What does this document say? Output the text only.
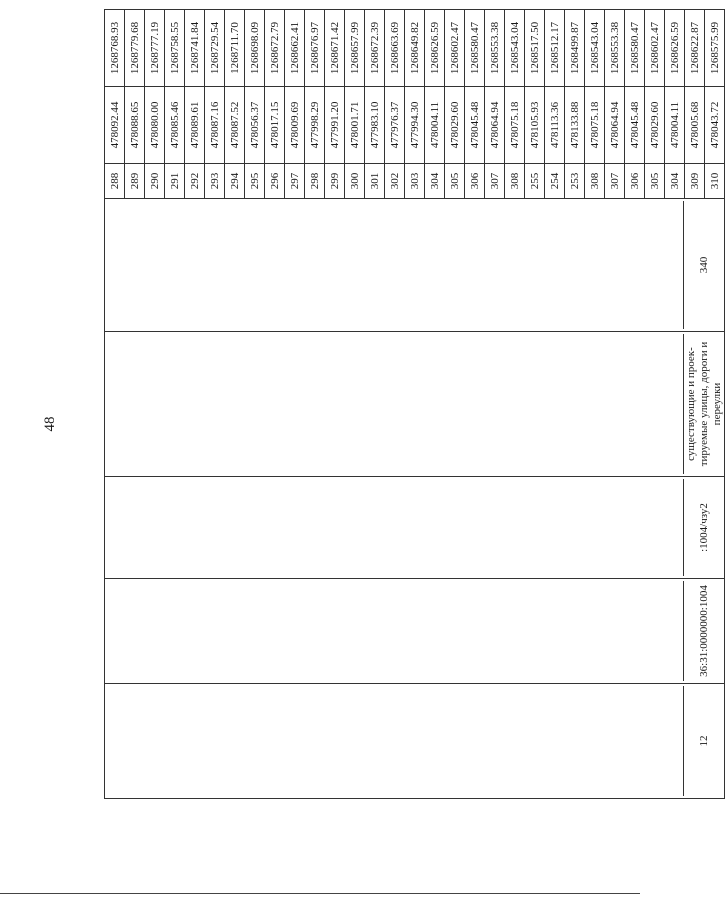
48
12	36:31:0000000:1004	:1004/чзу2	существующие и проек-тируемые улицы, дороги и переулки	340	288	478092.44	1268768.93
					289	478088.65	1268779.68
					290	478080.00	1268777.19
					291	478085.46	1268758.55
					292	478089.61	1268741.84
					293	478087.16	1268729.54
					294	478087.52	1268711.70
					295	478056.37	1268698.09
					296	478017.15	1268672.79
					297	478009.69	1268662.41
					298	477998.29	1268676.97
					299	477991.20	1268671.42
					300	478001.71	1268657.99
					301	477983.10	1268672.39
					302	477976.37	1268663.69
					303	477994.30	1268649.82
					304	478004.11	1268626.59
					305	478029.60	1268602.47
					306	478045.48	1268580.47
					307	478064.94	1268553.38
					308	478075.18	1268543.04
					255	478105.93	1268517.50
					254	478113.36	1268512.17
					253	478133.88	1268499.87
					308	478075.18	1268543.04
					307	478064.94	1268553.38
					306	478045.48	1268580.47
					305	478029.60	1268602.47
					304	478004.11	1268626.59
					309	478005.68	1268622.87
					310	478043.72	1268575.99
